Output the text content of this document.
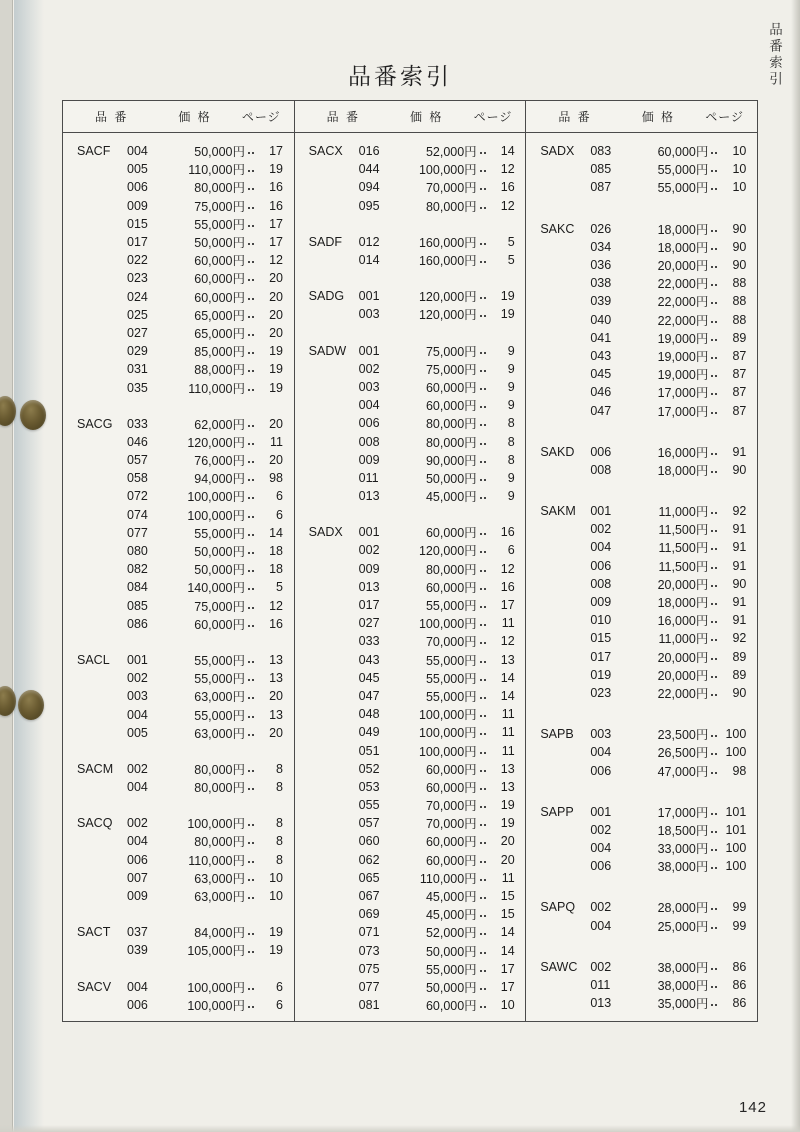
品番索引
品番索引
品 番	価 格	ページ
SACF	004	50,000円	17
005	110,000円	19
006	80,000円	16
009	75,000円	16
015	55,000円	17
017	50,000円	17
022	60,000円	12
023	60,000円	20
024	60,000円	20
025	65,000円	20
027	65,000円	20
029	85,000円	19
031	88,000円	19
035	110,000円	19
SACG	033	62,000円	20
046	120,000円	11
057	76,000円	20
058	94,000円	98
072	100,000円	6
074	100,000円	6
077	55,000円	14
080	50,000円	18
082	50,000円	18
084	140,000円	5
085	75,000円	12
086	60,000円	16
SACL	001	55,000円	13
002	55,000円	13
003	63,000円	20
004	55,000円	13
005	63,000円	20
SACM	002	80,000円	8
004	80,000円	8
SACQ	002	100,000円	8
004	80,000円	8
006	110,000円	8
007	63,000円	10
009	63,000円	10
SACT	037	84,000円	19
039	105,000円	19
SACV	004	100,000円	6
006	100,000円	6
品 番	価 格	ページ
SACX	016	52,000円	14
044	100,000円	12
094	70,000円	16
095	80,000円	12
SADF	012	160,000円	5
014	160,000円	5
SADG	001	120,000円	19
003	120,000円	19
SADW	001	75,000円	9
002	75,000円	9
003	60,000円	9
004	60,000円	9
006	80,000円	8
008	80,000円	8
009	90,000円	8
011	50,000円	9
013	45,000円	9
SADX	001	60,000円	16
002	120,000円	6
009	80,000円	12
013	60,000円	16
017	55,000円	17
027	100,000円	11
033	70,000円	12
043	55,000円	13
045	55,000円	14
047	55,000円	14
048	100,000円	11
049	100,000円	11
051	100,000円	11
052	60,000円	13
053	60,000円	13
055	70,000円	19
057	70,000円	19
060	60,000円	20
062	60,000円	20
065	110,000円	11
067	45,000円	15
069	45,000円	15
071	52,000円	14
073	50,000円	14
075	55,000円	17
077	50,000円	17
081	60,000円	10
品 番	価 格	ページ
SADX	083	60,000円	10
085	55,000円	10
087	55,000円	10
SAKC	026	18,000円	90
034	18,000円	90
036	20,000円	90
038	22,000円	88
039	22,000円	88
040	22,000円	88
041	19,000円	89
043	19,000円	87
045	19,000円	87
046	17,000円	87
047	17,000円	87
SAKD	006	16,000円	91
008	18,000円	90
SAKM	001	11,000円	92
002	11,500円	91
004	11,500円	91
006	11,500円	91
008	20,000円	90
009	18,000円	91
010	16,000円	91
015	11,000円	92
017	20,000円	89
019	20,000円	89
023	22,000円	90
SAPB	003	23,500円	100
004	26,500円	100
006	47,000円	98
SAPP	001	17,000円	101
002	18,500円	101
004	33,000円	100
006	38,000円	100
SAPQ	002	28,000円	99
004	25,000円	99
SAWC	002	38,000円	86
011	38,000円	86
013	35,000円	86
142
